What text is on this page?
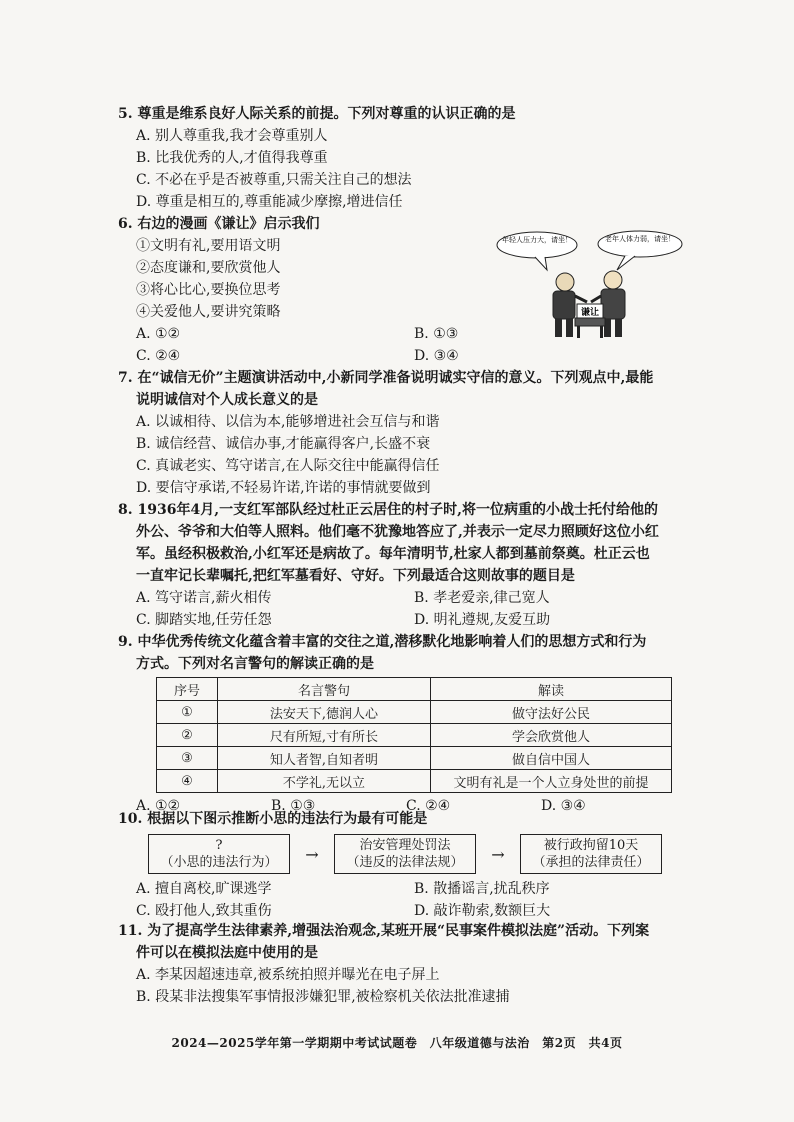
5. 尊重是维系良好人际关系的前提。下列对尊重的认识正确的是
A. 别人尊重我,我才会尊重别人
B. 比我优秀的人,才值得我尊重
C. 不必在乎是否被尊重,只需关注自己的想法
D. 尊重是相互的,尊重能减少摩擦,增进信任
6. 右边的漫画《谦让》启示我们
①文明有礼,要用语文明
②态度谦和,要欣赏他人
③将心比心,要换位思考
④关爱他人,要讲究策略
A. ①②	B. ①③
C. ②④	D. ③④
年轻人压力大，请坐！	老年人体力弱，请坐！
谦让
7. 在“诚信无价”主题演讲活动中,小新同学准备说明诚实守信的意义。下列观点中,最能
说明诚信对个人成长意义的是
A. 以诚相待、以信为本,能够增进社会互信与和谐
B. 诚信经营、诚信办事,才能赢得客户,长盛不衰
C. 真诚老实、笃守诺言,在人际交往中能赢得信任
D. 要信守承诺,不轻易许诺,许诺的事情就要做到
8. 1936年4月,一支红军部队经过杜正云居住的村子时,将一位病重的小战士托付给他的
外公、爷爷和大伯等人照料。他们毫不犹豫地答应了,并表示一定尽力照顾好这位小红
军。虽经积极救治,小红军还是病故了。每年清明节,杜家人都到墓前祭奠。杜正云也
一直牢记长辈嘱托,把红军墓看好、守好。下列最适合这则故事的题目是
A. 笃守诺言,薪火相传	B. 孝老爱亲,律己宽人
C. 脚踏实地,任劳任怨	D. 明礼遵规,友爱互助
9. 中华优秀传统文化蕴含着丰富的交往之道,潜移默化地影响着人们的思想方式和行为
方式。下列对名言警句的解读正确的是
序号	名言警句	解读
①	法安天下,德润人心	做守法好公民
②	尺有所短,寸有所长	学会欣赏他人
③	知人者智,自知者明	做自信中国人
④	不学礼,无以立	文明有礼是一个人立身处世的前提
A. ①②	B. ①③	C. ②④	D. ③④
10. 根据以下图示推断小思的违法行为最有可能是
?
（小思的违法行为）	→	治安管理处罚法
（违反的法律法规）	→	被行政拘留10天
（承担的法律责任）
A. 擅自离校,旷课逃学	B. 散播谣言,扰乱秩序
C. 殴打他人,致其重伤	D. 敲诈勒索,数额巨大
11. 为了提高学生法律素养,增强法治观念,某班开展“民事案件模拟法庭”活动。下列案
件可以在模拟法庭中使用的是
A. 李某因超速违章,被系统拍照并曝光在电子屏上
B. 段某非法搜集军事情报涉嫌犯罪,被检察机关依法批准逮捕
2024—2025学年第一学期期中考试试题卷　八年级道德与法治　第2页　共4页
